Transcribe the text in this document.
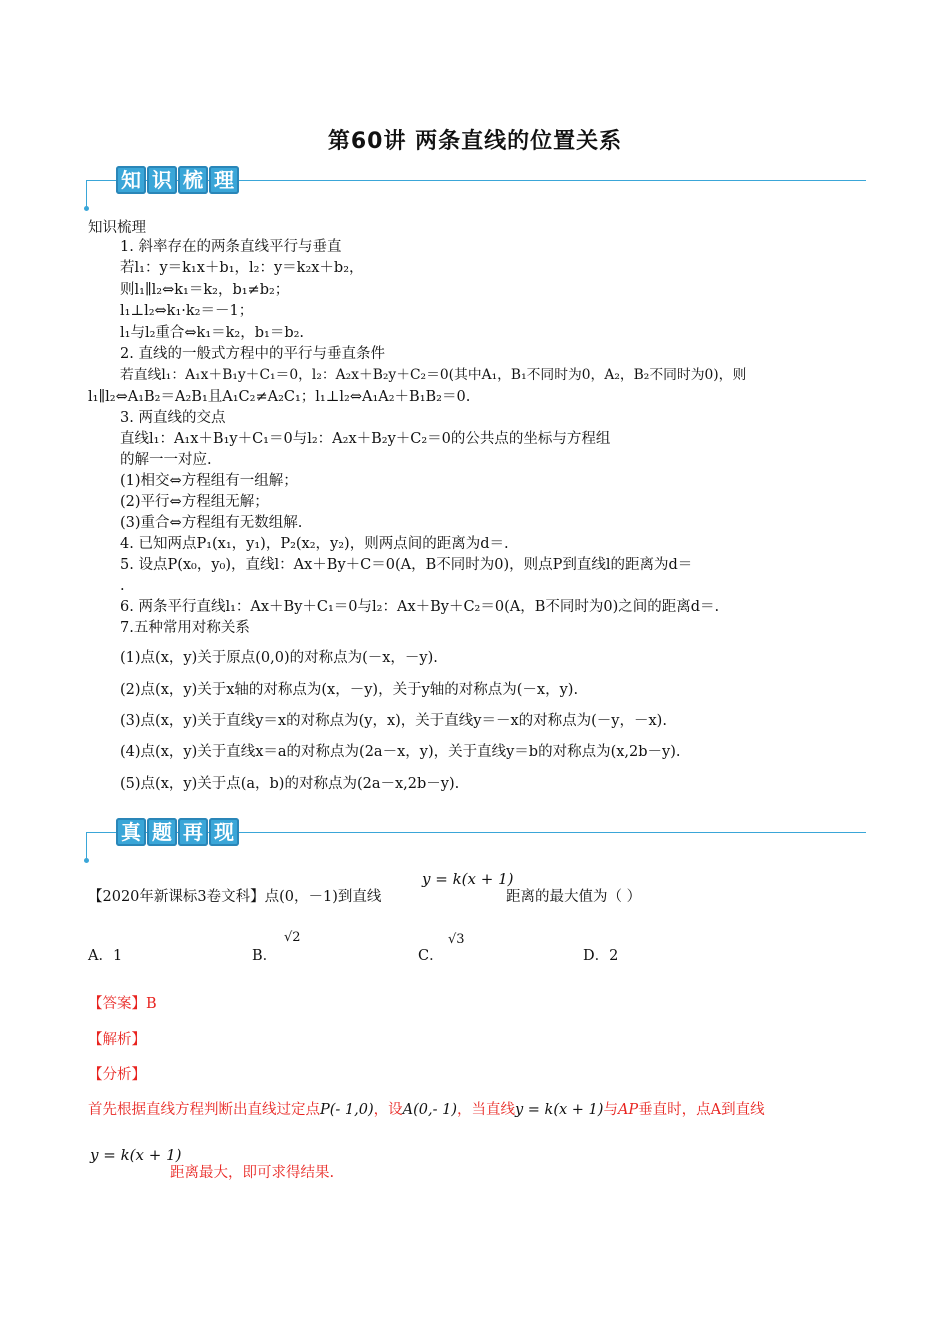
第60讲 两条直线的位置关系
知 识 梳 理
知识梳理
1. 斜率存在的两条直线平行与垂直
若l₁：y＝k₁x＋b₁，l₂：y＝k₂x＋b₂，
则l₁∥l₂⇔k₁＝k₂，b₁≠b₂；
l₁⊥l₂⇔k₁·k₂＝－1；
l₁与l₂重合⇔k₁＝k₂，b₁＝b₂.
2. 直线的一般式方程中的平行与垂直条件
若直线l₁：A₁x＋B₁y＋C₁＝0，l₂：A₂x＋B₂y＋C₂＝0(其中A₁，B₁不同时为0，A₂，B₂不同时为0)，则
l₁∥l₂⇔A₁B₂＝A₂B₁且A₁C₂≠A₂C₁；l₁⊥l₂⇔A₁A₂＋B₁B₂＝0.
3. 两直线的交点
直线l₁：A₁x＋B₁y＋C₁＝0与l₂：A₂x＋B₂y＋C₂＝0的公共点的坐标与方程组
的解一一对应.
(1)相交⇔方程组有一组解；
(2)平行⇔方程组无解；
(3)重合⇔方程组有无数组解.
4. 已知两点P₁(x₁，y₁)，P₂(x₂，y₂)，则两点间的距离为d＝.
5. 设点P(x₀，y₀)，直线l：Ax＋By＋C＝0(A，B不同时为0)，则点P到直线l的距离为d＝
.
6. 两条平行直线l₁：Ax＋By＋C₁＝0与l₂：Ax＋By＋C₂＝0(A，B不同时为0)之间的距离d＝.
7.五种常用对称关系
(1)点(x，y)关于原点(0,0)的对称点为(－x，－y).
(2)点(x，y)关于x轴的对称点为(x，－y)，关于y轴的对称点为(－x，y).
(3)点(x，y)关于直线y＝x的对称点为(y，x)，关于直线y＝－x的对称点为(－y，－x).
(4)点(x，y)关于直线x＝a的对称点为(2a－x，y)，关于直线y＝b的对称点为(x,2b－y).
(5)点(x，y)关于点(a，b)的对称点为(2a－x,2b－y).
真 题 再 现
【2020年新课标3卷文科】点(0，－1)到直线
y = k(x + 1)
距离的最大值为（ ）
A．1	B．
√2
C．
√3
D．2
【答案】B
【解析】
【分析】
首先根据直线方程判断出直线过定点P(- 1,0)，设A(0,- 1)，当直线y = k(x + 1)与AP垂直时，点A到直线
y = k(x + 1)
距离最大，即可求得结果.
